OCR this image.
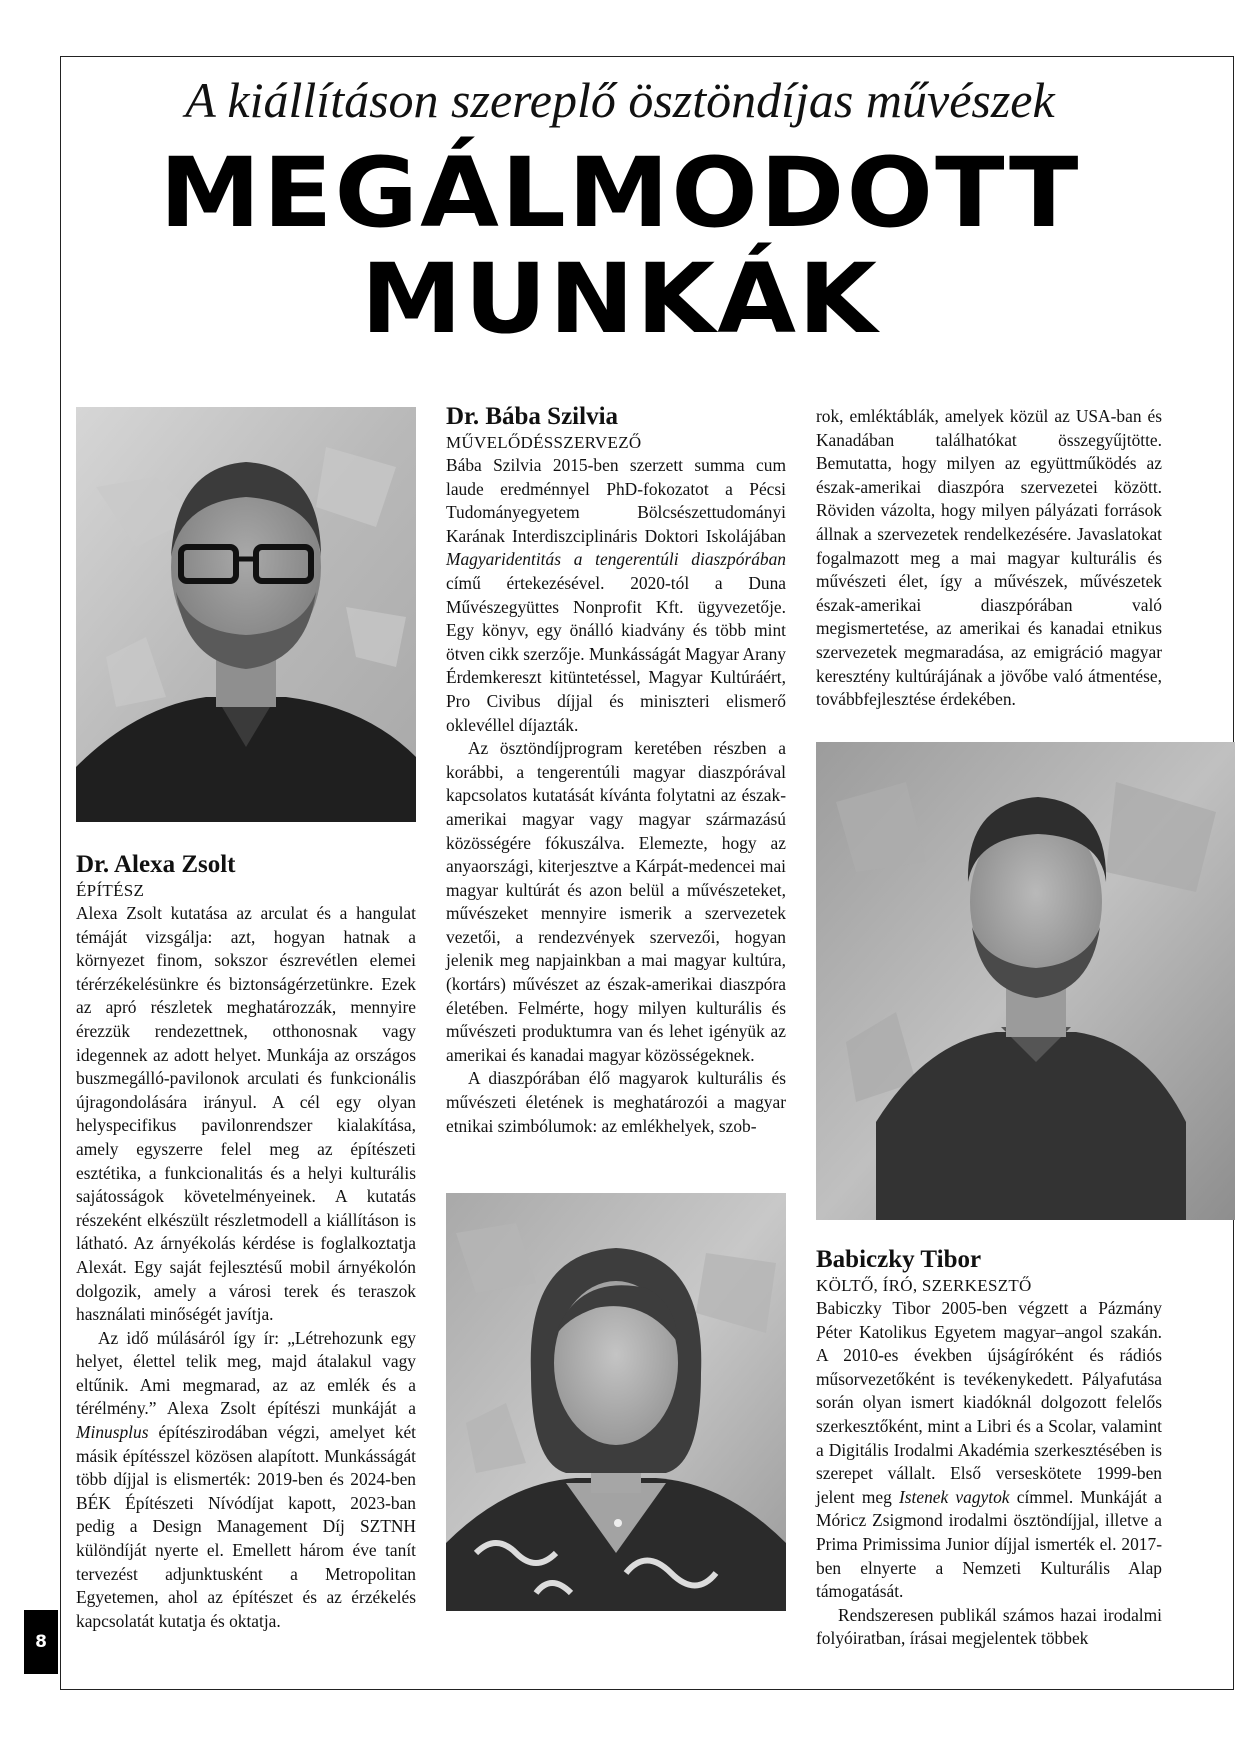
A kiállításon szereplő ösztöndíjas művészek
MEGÁLMODOTT
MUNKÁK
Dr. Alexa Zsolt
ÉPÍTÉSZ

Alexa Zsolt kutatása az arculat és a hangulat témáját vizsgálja: azt, hogyan hatnak a környezet finom, sokszor észrevétlen elemei térérzékelésünkre és biztonságérzetünkre. Ezek az apró részletek meghatározzák, mennyire érezzük rendezettnek, otthonosnak vagy idegennek az adott helyet. Munkája az országos buszmegálló-pavilonok arculati és funkcionális újragondolására irányul. A cél egy olyan helyspecifikus pavilonrendszer kialakítása, amely egyszerre felel meg az építészeti esztétika, a funkcionalitás és a helyi kulturális sajátosságok követelményeinek. A kutatás részeként elkészült részletmodell a kiállításon is látható. Az árnyékolás kérdése is foglalkoztatja Alexát. Egy saját fejlesztésű mobil árnyékolón dolgozik, amely a városi terek és teraszok használati minőségét javítja.

Az idő múlásáról így ír: „Létrehozunk egy helyet, élettel telik meg, majd átalakul vagy eltűnik. Ami megmarad, az az emlék és a térélmény.” Alexa Zsolt építészi munkáját a Minusplus építészirodában végzi, amelyet két másik építésszel közösen alapított. Munkásságát több díjjal is elismerték: 2019-ben és 2024-ben BÉK Építészeti Nívódíjat kapott, 2023-ban pedig a Design Management Díj SZTNH különdíját nyerte el. Emellett három éve tanít tervezést adjunktusként a Metropolitan Egyetemen, ahol az építészet és az érzékelés kapcsolatát kutatja és oktatja.

Dr. Bába Szilvia
MŰVELŐDÉSSZERVEZŐ

Bába Szilvia 2015-ben szerzett summa cum laude eredménnyel PhD-fokozatot a Pécsi Tudományegyetem Bölcsészettudományi Karának Interdiszciplináris Doktori Iskolájában Magyaridentitás a tengerentúli diaszpórában című értekezésével. 2020-tól a Duna Művészegyüttes Nonprofit Kft. ügyvezetője. Egy könyv, egy önálló kiadvány és több mint ötven cikk szerzője. Munkásságát Magyar Arany Érdemkereszt kitüntetéssel, Magyar Kultúráért, Pro Civibus díjjal és miniszteri elismerő oklevéllel díjazták.

Az ösztöndíjprogram keretében részben a korábbi, a tengerentúli magyar diaszpórával kapcsolatos kutatását kívánta folytatni az észak-amerikai magyar vagy magyar származású közösségére fókuszálva. Elemezte, hogy az anyaországi, kiterjesztve a Kárpát-medencei mai magyar kultúrát és azon belül a művészeteket, művészeket mennyire ismerik a szervezetek vezetői, a rendezvények szervezői, hogyan jelenik meg napjainkban a mai magyar kultúra, (kortárs) művészet az észak-amerikai diaszpóra életében. Felmérte, hogy milyen kulturális és művészeti produktumra van és lehet igényük az amerikai és kanadai magyar közösségeknek.

A diaszpórában élő magyarok kulturális és művészeti életének is meghatározói a magyar etnikai szimbólumok: az emlékhelyek, szob-

rok, emléktáblák, amelyek közül az USA-ban és Kanadában találhatókat összegyűjtötte. Bemutatta, hogy milyen az együttműködés az észak-amerikai diaszpóra szervezetei között. Röviden vázolta, hogy milyen pályázati források állnak a szervezetek rendelkezésére. Javaslatokat fogalmazott meg a mai magyar kulturális és művészeti élet, így a művészek, művészetek észak-amerikai diaszpórában való megismertetése, az amerikai és kanadai etnikus szervezetek megmaradása, az emigráció magyar keresztény kultúrájának a jövőbe való átmentése, továbbfejlesztése érdekében.

Babiczky Tibor
KÖLTŐ, ÍRÓ, SZERKESZTŐ

Babiczky Tibor 2005-ben végzett a Pázmány Péter Katolikus Egyetem magyar–angol szakán. A 2010-es években újságíróként és rádiós műsorvezetőként is tevékenykedett. Pályafutása során olyan ismert kiadóknál dolgozott felelős szerkesztőként, mint a Libri és a Scolar, valamint a Digitális Irodalmi Akadémia szerkesztésében is szerepet vállalt. Első verseskötete 1999-ben jelent meg Istenek vagytok címmel. Munkáját a Móricz Zsigmond irodalmi ösztöndíjjal, illetve a Prima Primissima Junior díjjal ismerték el. 2017-ben elnyerte a Nemzeti Kulturális Alap támogatását.

Rendszeresen publikál számos hazai irodalmi folyóiratban, írásai megjelentek többek

8
